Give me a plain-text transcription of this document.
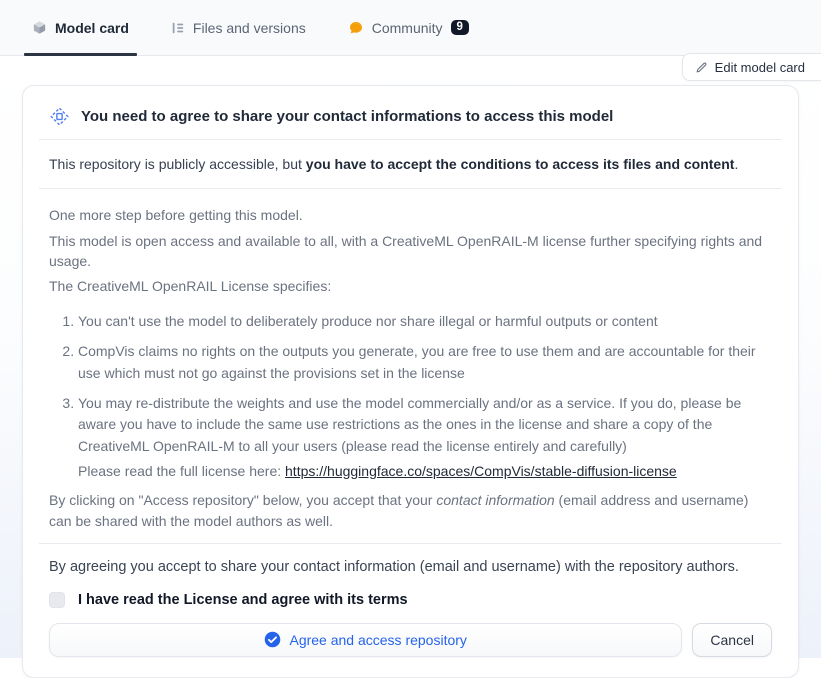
Model card	Files and versions	Community	9
Edit model card
You need to agree to share your contact informations to access this model

This repository is publicly accessible, but you have to accept the conditions to access its files and content.

One more step before getting this model.

This model is open access and available to all, with a CreativeML OpenRAIL-M license further specifying rights and usage.

The CreativeML OpenRAIL License specifies:

1. You can't use the model to deliberately produce nor share illegal or harmful outputs or content
2. CompVis claims no rights on the outputs you generate, you are free to use them and are accountable for their use which must not go against the provisions set in the license
3. You may re-distribute the weights and use the model commercially and/or as a service. If you do, please be aware you have to include the same use restrictions as the ones in the license and share a copy of the CreativeML OpenRAIL-M to all your users (please read the license entirely and carefully)
Please read the full license here: https://huggingface.co/spaces/CompVis/stable-diffusion-license

By clicking on "Access repository" below, you accept that your contact information (email address and username) can be shared with the model authors as well.

By agreeing you accept to share your contact information (email and username) with the repository authors.

I have read the License and agree with its terms
Agree and access repository	Cancel
